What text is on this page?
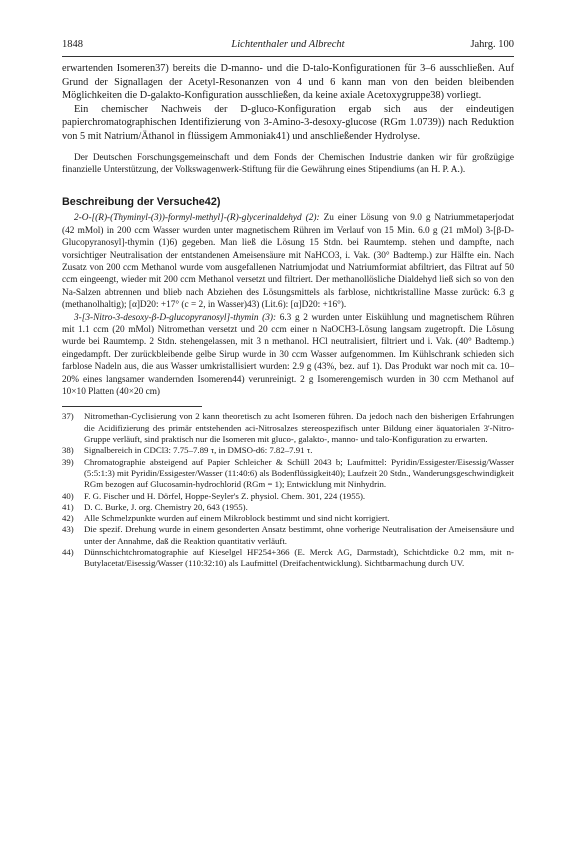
1848	Lichtenthaler und Albrecht	Jahrg. 100

erwartenden Isomeren37) bereits die D-manno- und die D-talo-Konfigurationen für 3–6 ausschließen. Auf Grund der Signallagen der Acetyl-Resonanzen von 4 und 6 kann man von den beiden bleibenden Möglichkeiten die D-galakto-Konfiguration ausschließen, da keine axiale Acetoxygruppe38) vorliegt.

Ein chemischer Nachweis der D-gluco-Konfiguration ergab sich aus der eindeutigen papierchromatographischen Identifizierung von 3-Amino-3-desoxy-glucose (RGm 1.0739)) nach Reduktion von 5 mit Natrium/Äthanol in flüssigem Ammoniak41) und anschließender Hydrolyse.

Der Deutschen Forschungsgemeinschaft und dem Fonds der Chemischen Industrie danken wir für großzügige finanzielle Unterstützung, der Volkswagenwerk-Stiftung für die Gewährung eines Stipendiums (an H. P. A.).

Beschreibung der Versuche42)

2-O-[(R)-(Thyminyl-(3))-formyl-methyl]-(R)-glycerinaldehyd (2): Zu einer Lösung von 9.0 g Natriummetaperjodat (42 mMol) in 200 ccm Wasser wurden unter magnetischem Rühren im Verlauf von 15 Min. 6.0 g (21 mMol) 3-[β-D-Glucopyranosyl]-thymin (1)6) gegeben. Man ließ die Lösung 15 Stdn. bei Raumtemp. stehen und dampfte, nach vorsichtiger Neutralisation der entstandenen Ameisensäure mit NaHCO3, i. Vak. (30° Badtemp.) zur Hälfte ein. Nach Zusatz von 200 ccm Methanol wurde vom ausgefallenen Natriumjodat und Natriumformiat abfiltriert, das Filtrat auf 50 ccm eingeengt, wieder mit 200 ccm Methanol versetzt und filtriert. Der methanollösliche Dialdehyd ließ sich so von den Na-Salzen abtrennen und blieb nach Abziehen des Lösungsmittels als farblose, nichtkristalline Masse zurück: 6.3 g (methanolhaltig); [α]D20: +17° (c = 2, in Wasser)43) (Lit.6): [α]D20: +16°).

3-[3-Nitro-3-desoxy-β-D-glucopyranosyl]-thymin (3): 6.3 g 2 wurden unter Eiskühlung und magnetischem Rühren mit 1.1 ccm (20 mMol) Nitromethan versetzt und 20 ccm einer n NaOCH3-Lösung langsam zugetropft. Die Lösung wurde bei Raumtemp. 2 Stdn. stehengelassen, mit 3 n methanol. HCl neutralisiert, filtriert und i. Vak. (40° Badtemp.) eingedampft. Der zurückbleibende gelbe Sirup wurde in 30 ccm Wasser aufgenommen. Im Kühlschrank schieden sich farblose Nadeln aus, die aus Wasser umkristallisiert wurden: 2.9 g (43%, bez. auf 1). Das Produkt war noch mit ca. 10–20% eines langsamer wandernden Isomeren44) verunreinigt. 2 g Isomerengemisch wurden in 30 ccm Methanol auf 10×10 Platten (40×20 cm)

37)	Nitromethan-Cyclisierung von 2 kann theoretisch zu acht Isomeren führen. Da jedoch nach den bisherigen Erfahrungen die Acidifizierung des primär entstehenden aci-Nitrosalzes stereospezifisch unter Bildung einer äquatorialen 3'-Nitro-Gruppe verläuft, sind praktisch nur die Isomeren mit gluco-, galakto-, manno- und talo-Konfiguration zu erwarten.
38)	Signalbereich in CDCl3: 7.75–7.89 τ, in DMSO-d6: 7.82–7.91 τ.
39)	Chromatographie absteigend auf Papier Schleicher & Schüll 2043 b; Laufmittel: Pyridin/Essigester/Eisessig/Wasser (5:5:1:3) mit Pyridin/Essigester/Wasser (11:40:6) als Bodenflüssigkeit40); Laufzeit 20 Stdn., Wanderungsgeschwindigkeit RGm bezogen auf Glucosamin-hydrochlorid (RGm = 1); Entwicklung mit Ninhydrin.
40)	F. G. Fischer und H. Dörfel, Hoppe-Seyler's Z. physiol. Chem. 301, 224 (1955).
41)	D. C. Burke, J. org. Chemistry 20, 643 (1955).
42)	Alle Schmelzpunkte wurden auf einem Mikroblock bestimmt und sind nicht korrigiert.
43)	Die spezif. Drehung wurde in einem gesonderten Ansatz bestimmt, ohne vorherige Neutralisation der Ameisensäure und unter der Annahme, daß die Reaktion quantitativ verläuft.
44)	Dünnschichtchromatographie auf Kieselgel HF254+366 (E. Merck AG, Darmstadt), Schichtdicke 0.2 mm, mit n-Butylacetat/Eisessig/Wasser (110:32:10) als Laufmittel (Dreifachentwicklung). Sichtbarmachung durch UV.
